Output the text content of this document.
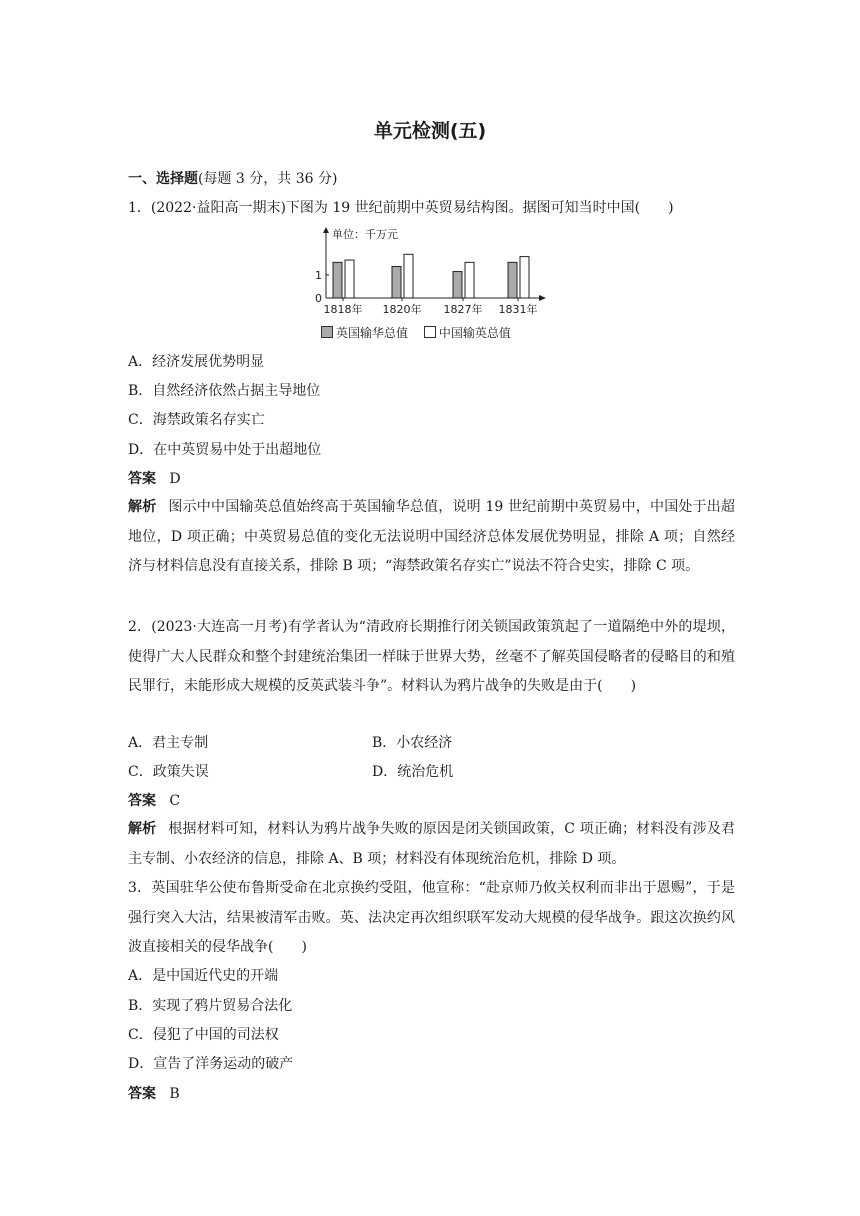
单元检测(五)
一、选择题(每题 3 分，共 36 分)
1．(2022·益阳高一期末)下图为 19 世纪前期中英贸易结构图。据图可知当时中国(　　)
单位：千万元
0
1
1818年 1820年 1827年 1831年
英国输华总值	中国输英总值
A．经济发展优势明显
B．自然经济依然占据主导地位
C．海禁政策名存实亡
D．在中英贸易中处于出超地位
答案 D
解析 图示中中国输英总值始终高于英国输华总值，说明 19 世纪前期中英贸易中，中国处于出超地位，D 项正确；中英贸易总值的变化无法说明中国经济总体发展优势明显，排除 A 项；自然经济与材料信息没有直接关系，排除 B 项；“海禁政策名存实亡”说法不符合史实，排除 C 项。
2．(2023·大连高一月考)有学者认为“清政府长期推行闭关锁国政策筑起了一道隔绝中外的堤坝，使得广大人民群众和整个封建统治集团一样昧于世界大势，丝毫不了解英国侵略者的侵略目的和殖民罪行，未能形成大规模的反英武装斗争”。材料认为鸦片战争的失败是由于(　　)
A．君主专制	B．小农经济
C．政策失误	D．统治危机
答案 C
解析 根据材料可知，材料认为鸦片战争失败的原因是闭关锁国政策，C 项正确；材料没有涉及君主专制、小农经济的信息，排除 A、B 项；材料没有体现统治危机，排除 D 项。
3．英国驻华公使布鲁斯受命在北京换约受阻，他宣称：“赴京师乃攸关权利而非出于恩赐”，于是强行突入大沽，结果被清军击败。英、法决定再次组织联军发动大规模的侵华战争。跟这次换约风波直接相关的侵华战争(　　)
A．是中国近代史的开端
B．实现了鸦片贸易合法化
C．侵犯了中国的司法权
D．宣告了洋务运动的破产
答案 B
